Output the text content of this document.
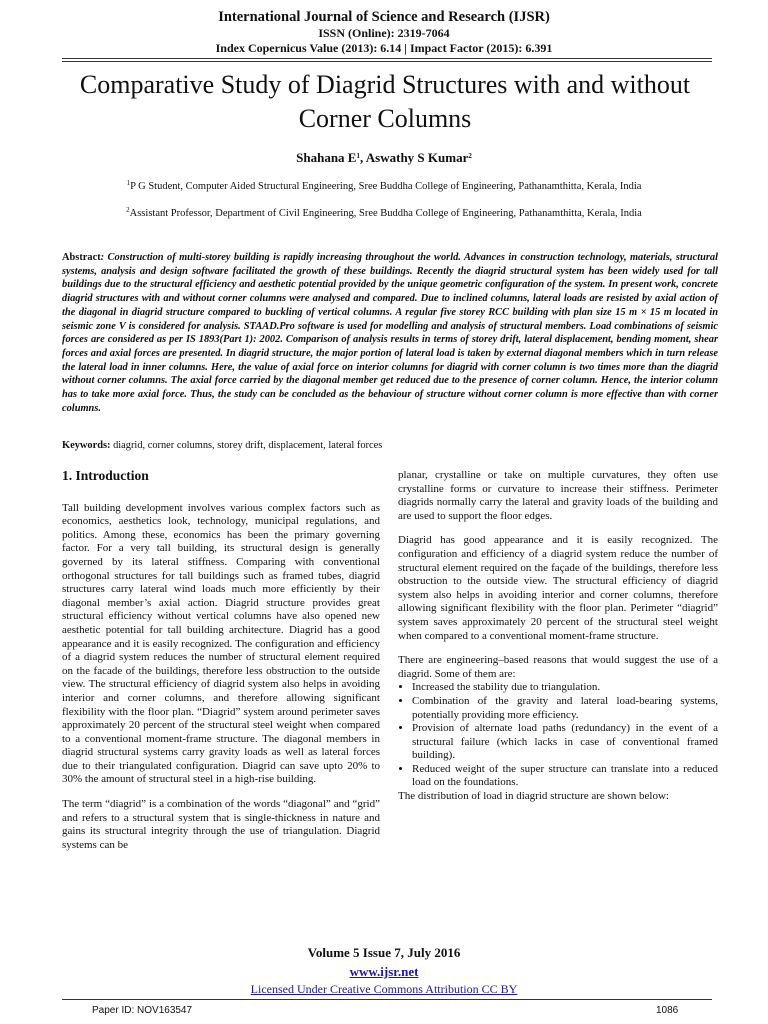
International Journal of Science and Research (IJSR)
ISSN (Online): 2319-7064
Index Copernicus Value (2013): 6.14 | Impact Factor (2015): 6.391
Comparative Study of Diagrid Structures with and without Corner Columns
Shahana $E^1$, Aswathy S Kumar$^2$
$^1$P G Student, Computer Aided Structural Engineering, Sree Buddha College of Engineering, Pathanamthitta, Kerala, India
$^2$Assistant Professor, Department of Civil Engineering, Sree Buddha College of Engineering, Pathanamthitta, Kerala, India
Abstract: Construction of multi-storey building is rapidly increasing throughout the world. Advances in construction technology, materials, structural systems, analysis and design software facilitated the growth of these buildings. Recently the diagrid structural system has been widely used for tall buildings due to the structural efficiency and aesthetic potential provided by the unique geometric configuration of the system. In present work, concrete diagrid structures with and without corner columns were analysed and compared. Due to inclined columns, lateral loads are resisted by axial action of the diagonal in diagrid structure compared to buckling of vertical columns. A regular five storey RCC building with plan size 15 m × 15 m located in seismic zone V is considered for analysis. STAAD.Pro software is used for modelling and analysis of structural members. Load combinations of seismic forces are considered as per IS 1893(Part 1): 2002. Comparison of analysis results in terms of storey drift, lateral displacement, bending moment, shear forces and axial forces are presented. In diagrid structure, the major portion of lateral load is taken by external diagonal members which in turn release the lateral load in inner columns. Here, the value of axial force on interior columns for diagrid with corner column is two times more than the diagrid without corner columns. The axial force carried by the diagonal member get reduced due to the presence of corner column. Hence, the interior column has to take more axial force. Thus, the study can be concluded as the behaviour of structure without corner column is more effective than with corner columns.
Keywords: diagrid, corner columns, storey drift, displacement, lateral forces
1. Introduction

Tall building development involves various complex factors such as economics, aesthetics look, technology, municipal regulations, and politics. Among these, economics has been the primary governing factor. For a very tall building, its structural design is generally governed by its lateral stiffness. Comparing with conventional orthogonal structures for tall buildings such as framed tubes, diagrid structures carry lateral wind loads much more efficiently by their diagonal member’s axial action. Diagrid structure provides great structural efficiency without vertical columns have also opened new aesthetic potential for tall building architecture. Diagrid has a good appearance and it is easily recognized. The configuration and efficiency of a diagrid system reduces the number of structural element required on the facade of the buildings, therefore less obstruction to the outside view. The structural efficiency of diagrid system also helps in avoiding interior and corner columns, and therefore allowing significant flexibility with the floor plan. “Diagrid” system around perimeter saves approximately 20 percent of the structural steel weight when compared to a conventional moment-frame structure. The diagonal members in diagrid structural systems carry gravity loads as well as lateral forces due to their triangulated configuration. Diagrid can save upto 20% to 30% the amount of structural steel in a high-rise building.

The term “diagrid” is a combination of the words “diagonal” and “grid” and refers to a structural system that is single-thickness in nature and gains its structural integrity through the use of triangulation. Diagrid systems can be

planar, crystalline or take on multiple curvatures, they often use crystalline forms or curvature to increase their stiffness. Perimeter diagrids normally carry the lateral and gravity loads of the building and are used to support the floor edges.

Diagrid has good appearance and it is easily recognized. The configuration and efficiency of a diagrid system reduce the number of structural element required on the façade of the buildings, therefore less obstruction to the outside view. The structural efficiency of diagrid system also helps in avoiding interior and corner columns, therefore allowing significant flexibility with the floor plan. Perimeter “diagrid” system saves approximately 20 percent of the structural steel weight when compared to a conventional moment-frame structure.

There are engineering–based reasons that would suggest the use of a diagrid. Some of them are:

• Increased the stability due to triangulation.
• Combination of the gravity and lateral load-bearing systems, potentially providing more efficiency.
• Provision of alternate load paths (redundancy) in the event of a structural failure (which lacks in case of conventional framed building).
• Reduced weight of the super structure can translate into a reduced load on the foundations.
The distribution of load in diagrid structure are shown below:
Volume 5 Issue 7, July 2016
www.ijsr.net
Licensed Under Creative Commons Attribution CC BY
Paper ID: NOV163547	1086
